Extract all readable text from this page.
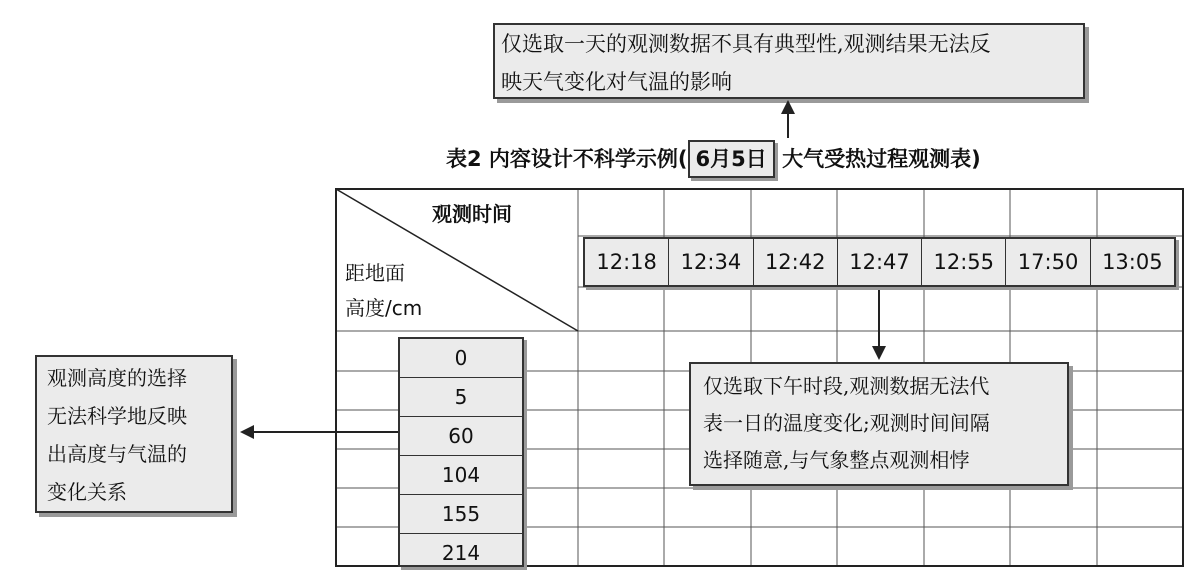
仅选取一天的观测数据不具有典型性,观测结果无法反
映天气变化对气温的影响
表2 内容设计不科学示例( 6月5日 大气受热过程观测表)
观测时间
距地面
高度/cm
12:18	12:34	12:42	12:47	12:55	17:50	13:05
0
5
60
104
155
214
观测高度的选择
无法科学地反映
出高度与气温的
变化关系
仅选取下午时段,观测数据无法代
表一日的温度变化;观测时间间隔
选择随意,与气象整点观测相悖
